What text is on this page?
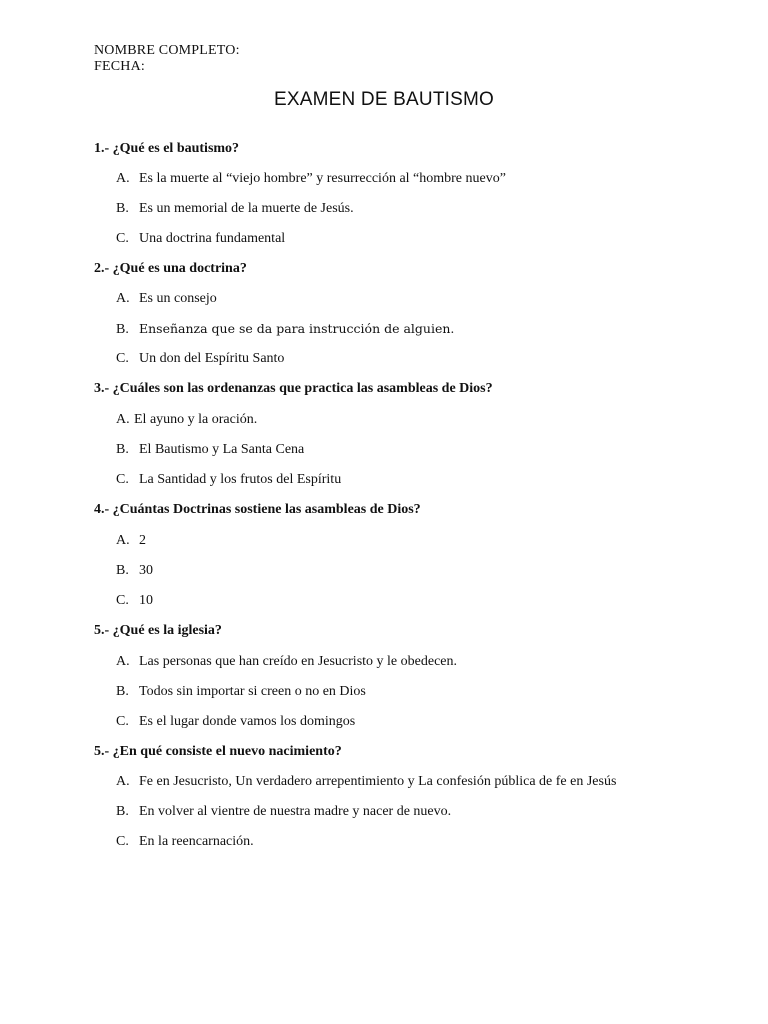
NOMBRE COMPLETO:
FECHA:
EXAMEN DE BAUTISMO
1.- ¿Qué es el bautismo?
A. Es la muerte al “viejo hombre” y resurrección al “hombre nuevo”
B. Es un memorial de la muerte de Jesús.
C. Una doctrina fundamental
2.- ¿Qué es una doctrina?
A. Es un consejo
B. Enseñanza que se da para instrucción de alguien.
C. Un don del Espíritu Santo
3.- ¿Cuáles son las ordenanzas que practica las asambleas de Dios?
A. El ayuno y la oración.
B. El Bautismo y La Santa Cena
C. La Santidad y los frutos del Espíritu
4.- ¿Cuántas Doctrinas sostiene las asambleas de Dios?
A. 2
B. 30
C. 10
5.- ¿Qué es la iglesia?
A. Las personas que han creído en Jesucristo y le obedecen.
B. Todos sin importar si creen o no en Dios
C. Es el lugar donde vamos los domingos
5.- ¿En qué consiste el nuevo nacimiento?
A. Fe en Jesucristo, Un verdadero arrepentimiento y La confesión pública de fe en Jesús
B. En volver al vientre de nuestra madre y nacer de nuevo.
C. En la reencarnación.
